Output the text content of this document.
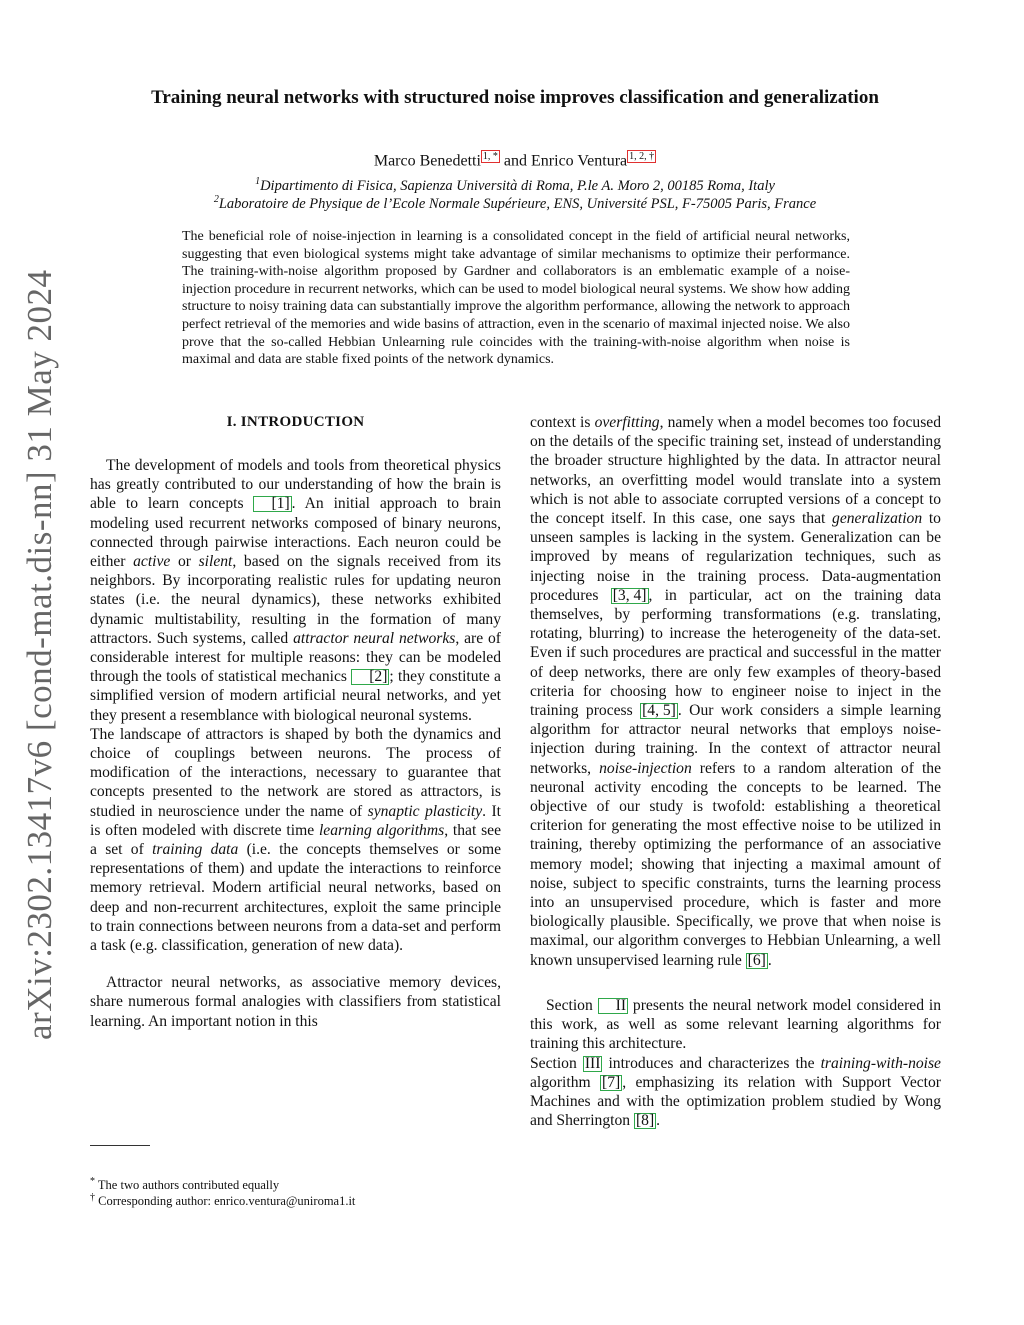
arXiv:2302.13417v6 [cond-mat.dis-nn] 31 May 2024
Training neural networks with structured noise improves classification and generalization
Marco Benedetti $^{1, *}$ and Enrico Ventura $^{1, 2, \dagger}$
$^1$Dipartimento di Fisica, Sapienza Università di Roma, P.le A. Moro 2, 00185 Roma, Italy
$^2$Laboratoire de Physique de l’Ecole Normale Supérieure, ENS, Université PSL, F-75005 Paris, France
The beneficial role of noise-injection in learning is a consolidated concept in the field of artificial neural networks, suggesting that even biological systems might take advantage of similar mechanisms to optimize their performance. The training-with-noise algorithm proposed by Gardner and collaborators is an emblematic example of a noise-injection procedure in recurrent networks, which can be used to model biological neural systems. We show how adding structure to noisy training data can substantially improve the algorithm performance, allowing the network to approach perfect retrieval of the memories and wide basins of attraction, even in the scenario of maximal injected noise. We also prove that the so-called Hebbian Unlearning rule coincides with the training-with-noise algorithm when noise is maximal and data are stable fixed points of the network dynamics.
I. INTRODUCTION

The development of models and tools from theoretical physics has greatly contributed to our understanding of how the brain is able to learn concepts [1] . An initial approach to brain modeling used recurrent networks composed of binary neurons, connected through pairwise interactions. Each neuron could be either active or silent, based on the signals received from its neighbors. By incorporating realistic rules for updating neuron states (i.e. the neural dynamics), these networks exhibited dynamic multistability, resulting in the formation of many attractors. Such systems, called attractor neural networks, are of considerable interest for multiple reasons: they can be modeled through the tools of statistical mechanics [2] ; they constitute a simplified version of modern artificial neural networks, and yet they present a resemblance with biological neuronal systems.

The landscape of attractors is shaped by both the dynamics and choice of couplings between neurons. The process of modification of the interactions, necessary to guarantee that concepts presented to the network are stored as attractors, is studied in neuroscience under the name of synaptic plasticity. It is often modeled with discrete time learning algorithms, that see a set of training data (i.e. the concepts themselves or some representations of them) and update the interactions to reinforce memory retrieval. Modern artificial neural networks, based on deep and non-recurrent architectures, exploit the same principle to train connections between neurons from a data-set and perform a task (e.g. classification, generation of new data).

Attractor neural networks, as associative memory devices, share numerous formal analogies with classifiers from statistical learning. An important notion in this

context is overfitting, namely when a model becomes too focused on the details of the specific training set, instead of understanding the broader structure highlighted by the data. In attractor neural networks, an overfitting model would translate into a system which is not able to associate corrupted versions of a concept to the concept itself. In this case, one says that generalization to unseen samples is lacking in the system. Generalization can be improved by means of regularization techniques, such as injecting noise in the training process. Data-augmentation procedures [3, 4] , in particular, act on the training data themselves, by performing transformations (e.g. translating, rotating, blurring) to increase the heterogeneity of the data-set. Even if such procedures are practical and successful in the matter of deep networks, there are only few examples of theory-based criteria for choosing how to engineer noise to inject in the training process [4, 5] . Our work considers a simple learning algorithm for attractor neural networks that employs noise-injection during training. In the context of attractor neural networks, noise-injection refers to a random alteration of the neuronal activity encoding the concepts to be learned. The objective of our study is twofold: establishing a theoretical criterion for generating the most effective noise to be utilized in training, thereby optimizing the performance of an associative memory model; showing that injecting a maximal amount of noise, subject to specific constraints, turns the learning process into an unsupervised procedure, which is faster and more biologically plausible. Specifically, we prove that when noise is maximal, our algorithm converges to Hebbian Unlearning, a well known unsupervised learning rule [6] .

Section II presents the neural network model considered in this work, as well as some relevant learning algorithms for training this architecture.

Section III introduces and characterizes the training-with-noise algorithm [7] , emphasizing its relation with Support Vector Machines and with the optimization problem studied by Wong and Sherrington [8] .

* The two authors contributed equally
† Corresponding author: enrico.ventura@uniroma1.it
